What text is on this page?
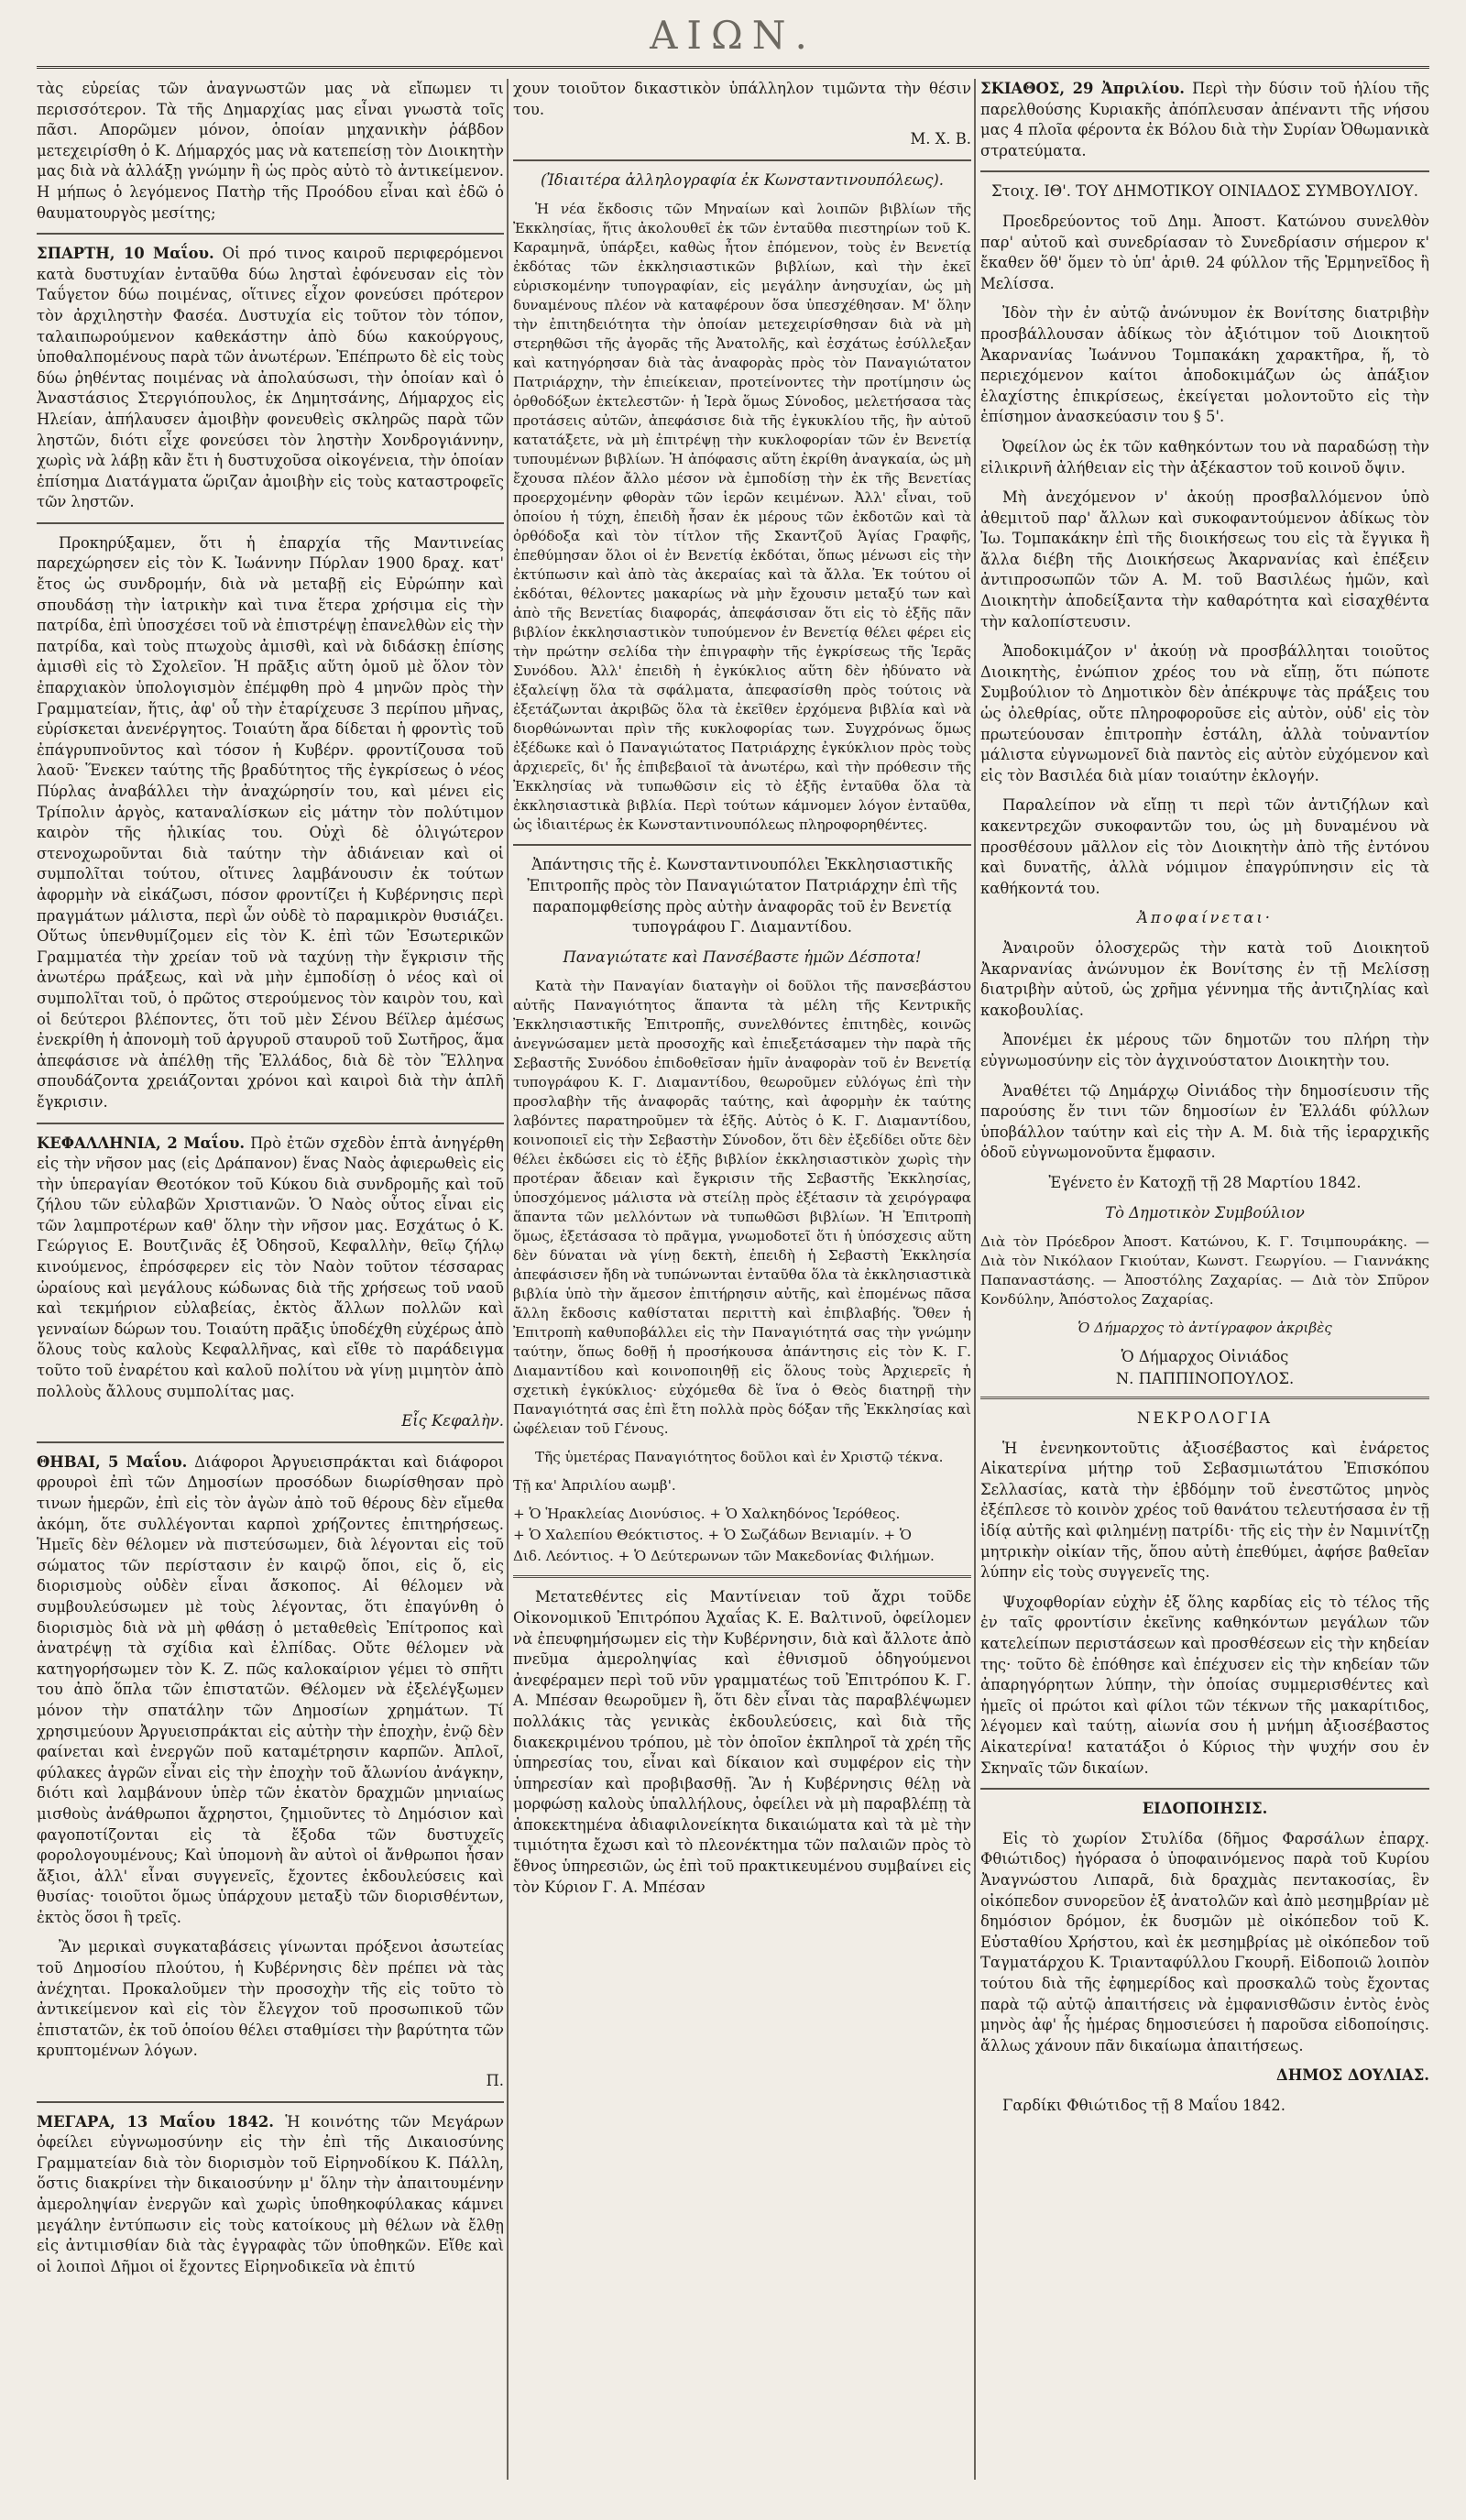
ΑΙΩΝ.

τὰς εὐρείας τῶν ἀναγνωστῶν μας νὰ εἴπωμεν τι περισσότερον. Τὰ τῆς Δημαρχίας μας εἶναι γνωστὰ τοῖς πᾶσι. Απορῶμεν μόνον, ὁποίαν μηχανικὴν ῥάβδον μετεχειρίσθη ὁ Κ. Δήμαρχός μας νὰ κατεπείσῃ τὸν Διοικητὴν μας διὰ νὰ ἀλλάξῃ γνώμην ἢ ὡς πρὸς αὐτὸ τὸ ἀντικείμενον. Η μήπως ὁ λεγόμενος Πατὴρ τῆς Προόδου εἶναι καὶ ἐδῶ ὁ θαυματουργὸς μεσίτης;

ΣΠΑΡΤΗ, 10 Μαΐου. Οἱ πρό τινος καιροῦ περιφερόμενοι κατὰ δυστυχίαν ἐνταῦθα δύω λησταὶ ἐφόνευσαν εἰς τὸν Ταΰγετον δύω ποιμένας, οἵτινες εἶχον φονεύσει πρότερον τὸν ἀρχιληστὴν Φασέα. Δυστυχία εἰς τοῦτον τὸν τόπον, ταλαιπωρούμενον καθεκάστην ἀπὸ δύω κακούργους, ὑποθαλπομένους παρὰ τῶν ἀνωτέρων. Ἐπέπρωτο δὲ εἰς τοὺς δύω ῥηθέντας ποιμένας νὰ ἀπολαύσωσι, τὴν ὁποίαν καὶ ὁ Ἀναστάσιος Στεργιόπουλος, ἐκ Δημητσάνης, Δήμαρχος εἰς Ηλείαν, ἀπήλαυσεν ἀμοιβὴν φονευθεὶς σκληρῶς παρὰ τῶν ληστῶν, διότι εἶχε φονεύσει τὸν ληστὴν Χονδρογιάννην, χωρὶς νὰ λάβῃ κἂν ἔτι ἡ δυστυχοῦσα οἰκογένεια, τὴν ὁποίαν ἐπίσημα Διατάγματα ὥριζαν ἀμοιβὴν εἰς τοὺς καταστροφεῖς τῶν ληστῶν.

Προκηρύξαμεν, ὅτι ἡ ἐπαρχία τῆς Μαντινείας παρεχώρησεν εἰς τὸν Κ. Ἰωάννην Πύρλαν 1900 δραχ. κατ' ἔτος ὡς συνδρομήν, διὰ νὰ μεταβῇ εἰς Εὐρώπην καὶ σπουδάσῃ τὴν ἰατρικὴν καὶ τινα ἕτερα χρήσιμα εἰς τὴν πατρίδα, ἐπὶ ὑποσχέσει τοῦ νὰ ἐπιστρέψῃ ἐπανελθὼν εἰς τὴν πατρίδα, καὶ τοὺς πτωχοὺς ἀμισθὶ, καὶ νὰ διδάσκῃ ἐπίσης ἀμισθὶ εἰς τὸ Σχολεῖον. Ἡ πρᾶξις αὕτη ὁμοῦ μὲ ὅλον τὸν ἐπαρχιακὸν ὑπολογισμὸν ἐπέμφθη πρὸ 4 μηνῶν πρὸς τὴν Γραμματείαν, ἥτις, ἀφ' οὗ τὴν ἐταρίχευσε 3 περίπου μῆνας, εὑρίσκεται ἀνενέργητος. Τοιαύτη ἄρα δίδεται ἡ φροντὶς τοῦ ἐπάγρυπνοῦντος καὶ τόσον ἡ Κυβέρν. φροντίζουσα τοῦ λαοῦ· Ἕνεκεν ταύτης τῆς βραδύτητος τῆς ἐγκρίσεως ὁ νέος Πύρλας ἀναβάλλει τὴν ἀναχώρησίν του, καὶ μένει εἰς Τρίπολιν ἀργὸς, καταναλίσκων εἰς μάτην τὸν πολύτιμον καιρὸν τῆς ἡλικίας του. Οὐχὶ δὲ ὀλιγώτερον στενοχωροῦνται διὰ ταύτην τὴν ἀδιάνειαν καὶ οἱ συμπολῖται τούτου, οἵτινες λαμβάνουσιν ἐκ τούτων ἀφορμὴν νὰ εἰκάζωσι, πόσον φροντίζει ἡ Κυβέρνησις περὶ πραγμάτων μάλιστα, περὶ ὧν οὐδὲ τὸ παραμικρὸν θυσιάζει. Οὕτως ὑπενθυμίζομεν εἰς τὸν Κ. ἐπὶ τῶν Ἐσωτερικῶν Γραμματέα τὴν χρείαν τοῦ νὰ ταχύνῃ τὴν ἔγκρισιν τῆς ἀνωτέρω πράξεως, καὶ νὰ μὴν ἐμποδίσῃ ὁ νέος καὶ οἱ συμπολῖται τοῦ, ὁ πρῶτος στερούμενος τὸν καιρὸν του, καὶ οἱ δεύτεροι βλέποντες, ὅτι τοῦ μὲν Σένου Βέϊλερ ἀμέσως ἐνεκρίθη ἡ ἀπονομὴ τοῦ ἀργυροῦ σταυροῦ τοῦ Σωτῆρος, ἅμα ἀπεφάσισε νὰ ἀπέλθῃ τῆς Ἑλλάδος, διὰ δὲ τὸν Ἕλληνα σπουδάζοντα χρειάζονται χρόνοι καὶ καιροὶ διὰ τὴν ἁπλῆ ἔγκρισιν.

ΚΕΦΑΛΛΗΝΙΑ, 2 Μαΐου. Πρὸ ἐτῶν σχεδὸν ἑπτὰ ἀνηγέρθη εἰς τὴν νῆσον μας (εἰς Δράπανον) ἕνας Ναὸς ἀφιερωθεὶς εἰς τὴν ὑπεραγίαν Θεοτόκον τοῦ Κύκου διὰ συνδρομῆς καὶ τοῦ ζήλου τῶν εὐλαβῶν Χριστιανῶν. Ὁ Ναὸς οὗτος εἶναι εἰς τῶν λαμπροτέρων καθ' ὅλην τὴν νῆσον μας. Εσχάτως ὁ Κ. Γεώργιος Ε. Βουτζινᾶς ἐξ Ὀδησοῦ, Κεφαλλὴν, θεῖῳ ζήλῳ κινούμενος, ἐπρόσφερεν εἰς τὸν Ναὸν τοῦτον τέσσαρας ὡραίους καὶ μεγάλους κώδωνας διὰ τῆς χρήσεως τοῦ ναοῦ καὶ τεκμήριον εὐλαβείας, ἐκτὸς ἄλλων πολλῶν καὶ γενναίων δώρων του. Τοιαύτη πρᾶξις ὑποδέχθη εὐχέρως ἀπὸ ὅλους τοὺς καλοὺς Κεφαλλῆνας, καὶ εἴθε τὸ παράδειγμα τοῦτο τοῦ ἐναρέτου καὶ καλοῦ πολίτου νὰ γίνῃ μιμητὸν ἀπὸ πολλοὺς ἄλλους συμπολίτας μας.

Εἷς Κεφαλὴν.

ΘΗΒΑΙ, 5 Μαΐου. Διάφοροι Ἀργυεισπράκται καὶ διάφοροι φρουροὶ ἐπὶ τῶν Δημοσίων προσόδων διωρίσθησαν πρὸ τινων ἡμερῶν, ἐπὶ εἰς τὸν ἀγὼν ἀπὸ τοῦ θέρους δὲν εἴμεθα ἀκόμη, ὅτε συλλέγονται καρποὶ χρήζοντες ἐπιτηρήσεως. Ἡμεῖς δὲν θέλομεν νὰ πιστεύσωμεν, διὰ λέγονται εἰς τοῦ σώματος τῶν περίστασιν ἐν καιρῷ ὅποι, εἰς ὅ, εἰς διορισμοὺς οὐδὲν εἶναι ἄσκοπος. Αἱ θέλομεν νὰ συμβουλεύσωμεν μὲ τοὺς λέγοντας, ὅτι ἐπαγύνθη ὁ διορισμὸς διὰ νὰ μὴ φθάσῃ ὁ μεταθεθεὶς Ἐπίτροπος καὶ ἀνατρέψῃ τὰ σχίδια καὶ ἐλπίδας. Οὔτε θέλομεν νὰ κατηγορήσωμεν τὸν Κ. Ζ. πῶς καλοκαίριον γέμει τὸ σπῆτι του ἀπὸ ὅπλα τῶν ἐπιστατῶν. Θέλομεν νὰ ἐξελέγξωμεν μόνον τὴν σπατάλην τῶν Δημοσίων χρημάτων. Τί χρησιμεύουν Ἀργυεισπράκται εἰς αὐτὴν τὴν ἐποχὴν, ἐνῷ δὲν φαίνεται καὶ ἐνεργῶν ποῦ καταμέτρησιν καρπῶν. Ἀπλοῖ, φύλακες ἀγρῶν εἶναι εἰς τὴν ἐποχὴν τοῦ ἄλωνίου ἀνάγκην, διότι καὶ λαμβάνουν ὑπὲρ τῶν ἑκατὸν δραχμῶν μηνιαίως μισθοὺς ἀνάθρωποι ἄχρηστοι, ζημιοῦντες τὸ Δημόσιον καὶ φαγοποτίζονται εἰς τὰ ἔξοδα τῶν δυστυχεῖς φορολογουμένους; Καὶ ὑπομονὴ ἂν αὐτοὶ οἱ ἄνθρωποι ἦσαν ἄξιοι, ἀλλ' εἶναι συγγενεῖς, ἔχοντες ἐκδουλεύσεις καὶ θυσίας· τοιοῦτοι ὅμως ὑπάρχουν μεταξὺ τῶν διορισθέντων, ἐκτὸς ὅσοι ἢ τρεῖς.

Ἂν μερικαὶ συγκαταβάσεις γίνωνται πρόξενοι ἀσωτείας τοῦ Δημοσίου πλούτου, ἡ Κυβέρνησις δὲν πρέπει νὰ τὰς ἀνέχηται. Προκαλοῦμεν τὴν προσοχὴν τῆς εἰς τοῦτο τὸ ἀντικείμενον καὶ εἰς τὸν ἔλεγχον τοῦ προσωπικοῦ τῶν ἐπιστατῶν, ἐκ τοῦ ὁποίου θέλει σταθμίσει τὴν βαρύτητα τῶν κρυπτομένων λόγων.

Π.

ΜΕΓΑΡΑ, 13 Μαΐου 1842. Ἡ κοινότης τῶν Μεγάρων ὀφείλει εὐγνωμοσύνην εἰς τὴν ἐπὶ τῆς Δικαιοσύνης Γραμματείαν διὰ τὸν διορισμὸν τοῦ Εἰρηνοδίκου Κ. Πάλλη, ὅστις διακρίνει τὴν δικαιοσύνην μ' ὅλην τὴν ἀπαιτουμένην ἀμεροληψίαν ἐνεργῶν καὶ χωρὶς ὑποθηκοφύλακας κάμνει μεγάλην ἐντύπωσιν εἰς τοὺς κατοίκους μὴ θέλων νὰ ἔλθῃ εἰς ἀντιμισθίαν διὰ τὰς ἐγγραφὰς τῶν ὑποθηκῶν. Εἴθε καὶ οἱ λοιποὶ Δῆμοι οἱ ἔχοντες Εἰρηνοδικεῖα νὰ ἐπιτύ

χουν τοιοῦτον δικαστικὸν ὑπάλληλον τιμῶντα τὴν θέσιν του.

Μ. Χ. Β.

(Ἰδιαιτέρα ἀλληλογραφία ἐκ Κωνσταντινουπόλεως).

Ἡ νέα ἔκδοσις τῶν Μηναίων καὶ λοιπῶν βιβλίων τῆς Ἐκκλησίας, ἥτις ἀκολουθεῖ ἐκ τῶν ἐνταῦθα πιεστηρίων τοῦ Κ. Καραμηνᾶ, ὑπάρξει, καθὼς ἦτον ἐπόμενον, τοὺς ἐν Βενετίᾳ ἐκδότας τῶν ἐκκλησιαστικῶν βιβλίων, καὶ τὴν ἐκεῖ εὑρισκομένην τυπογραφίαν, εἰς μεγάλην ἀνησυχίαν, ὡς μὴ δυναμένους πλέον νὰ καταφέρουν ὅσα ὑπεσχέθησαν. Μ' ὅλην τὴν ἐπιτηδειότητα τὴν ὁποίαν μετεχειρίσθησαν διὰ νὰ μὴ στερηθῶσι τῆς ἀγορᾶς τῆς Ἀνατολῆς, καὶ ἐσχάτως ἐσύλλεξαν καὶ κατηγόρησαν διὰ τὰς ἀναφορὰς πρὸς τὸν Παναγιώτατον Πατριάρχην, τὴν ἐπιείκειαν, προτείνοντες τὴν προτίμησιν ὡς ὀρθοδόξων ἐκτελεστῶν· ἡ Ἱερὰ ὅμως Σύνοδος, μελετήσασα τὰς προτάσεις αὐτῶν, ἀπεφάσισε διὰ τῆς ἐγκυκλίου τῆς, ἣν αὐτοῦ κατατάξετε, νὰ μὴ ἐπιτρέψῃ τὴν κυκλοφορίαν τῶν ἐν Βενετίᾳ τυπουμένων βιβλίων. Ἡ ἀπόφασις αὕτη ἐκρίθη ἀναγκαία, ὡς μὴ ἔχουσα πλέον ἄλλο μέσον νὰ ἐμποδίσῃ τὴν ἐκ τῆς Βενετίας προερχομένην φθορὰν τῶν ἱερῶν κειμένων. Ἀλλ' εἶναι, τοῦ ὁποίου ἡ τύχη, ἐπειδὴ ἦσαν ἐκ μέρους τῶν ἐκδοτῶν καὶ τὰ ὀρθόδοξα καὶ τὸν τίτλον τῆς Σκαντζοῦ Ἁγίας Γραφῆς, ἐπεθύμησαν ὅλοι οἱ ἐν Βενετίᾳ ἐκδόται, ὅπως μένωσι εἰς τὴν ἐκτύπωσιν καὶ ἀπὸ τὰς ἀκεραίας καὶ τὰ ἄλλα. Ἐκ τούτου οἱ ἐκδόται, θέλοντες μακαρίως νὰ μὴν ἔχουσιν μεταξύ των καὶ ἀπὸ τῆς Βενετίας διαφοράς, ἀπεφάσισαν ὅτι εἰς τὸ ἑξῆς πᾶν βιβλίον ἐκκλησιαστικὸν τυπούμενον ἐν Βενετίᾳ θέλει φέρει εἰς τὴν πρώτην σελίδα τὴν ἐπιγραφὴν τῆς ἐγκρίσεως τῆς Ἱερᾶς Συνόδου. Ἀλλ' ἐπειδὴ ἡ ἐγκύκλιος αὕτη δὲν ἠδύνατο νὰ ἐξαλείψῃ ὅλα τὰ σφάλματα, ἀπεφασίσθη πρὸς τούτοις νὰ ἐξετάζωνται ἀκριβῶς ὅλα τὰ ἐκεῖθεν ἐρχόμενα βιβλία καὶ νὰ διορθώνωνται πρὶν τῆς κυκλοφορίας των. Συγχρόνως ὅμως ἐξέδωκε καὶ ὁ Παναγιώτατος Πατριάρχης ἐγκύκλιον πρὸς τοὺς ἀρχιερεῖς, δι' ἧς ἐπιβεβαιοῖ τὰ ἀνωτέρω, καὶ τὴν πρόθεσιν τῆς Ἐκκλησίας νὰ τυπωθῶσιν εἰς τὸ ἑξῆς ἐνταῦθα ὅλα τὰ ἐκκλησιαστικὰ βιβλία. Περὶ τούτων κάμνομεν λόγον ἐνταῦθα, ὡς ἰδιαιτέρως ἐκ Κωνσταντινουπόλεως πληροφορηθέντες.

Ἀπάντησις τῆς ἐ. Κωνσταντινουπόλει Ἐκκλησιαστικῆς Ἐπιτροπῆς πρὸς τὸν Παναγιώτατον Πατριάρχην ἐπὶ τῆς παραπομφθείσης πρὸς αὐτὴν ἀναφορᾶς τοῦ ἐν Βενετίᾳ τυπογράφου Γ. Διαμαντίδου.

Παναγιώτατε καὶ Πανσέβαστε ἡμῶν Δέσποτα!

Κατὰ τὴν Παναγίαν διαταγὴν οἱ δοῦλοι τῆς πανσεβάστου αὐτῆς Παναγιότητος ἅπαντα τὰ μέλη τῆς Κεντρικῆς Ἐκκλησιαστικῆς Ἐπιτροπῆς, συνελθόντες ἐπιτηδὲς, κοινῶς ἀνεγνώσαμεν μετὰ προσοχῆς καὶ ἐπιεξετάσαμεν τὴν παρὰ τῆς Σεβαστῆς Συνόδου ἐπιδοθεῖσαν ἡμῖν ἀναφορὰν τοῦ ἐν Βενετίᾳ τυπογράφου Κ. Γ. Διαμαντίδου, θεωροῦμεν εὐλόγως ἐπὶ τὴν προσλαβὴν τῆς ἀναφορᾶς ταύτης, καὶ ἀφορμὴν ἐκ ταύτης λαβόντες παρατηροῦμεν τὰ ἑξῆς. Αὐτὸς ὁ Κ. Γ. Διαμαντίδου, κοινοποιεῖ εἰς τὴν Σεβαστὴν Σύνοδον, ὅτι δὲν ἐξεδίδει οὔτε δὲν θέλει ἐκδώσει εἰς τὸ ἑξῆς βιβλίον ἐκκλησιαστικὸν χωρὶς τὴν προτέραν ἄδειαν καὶ ἔγκρισιν τῆς Σεβαστῆς Ἐκκλησίας, ὑποσχόμενος μάλιστα νὰ στείλῃ πρὸς ἐξέτασιν τὰ χειρόγραφα ἅπαντα τῶν μελλόντων νὰ τυπωθῶσι βιβλίων. Ἡ Ἐπιτροπὴ ὅμως, ἐξετάσασα τὸ πρᾶγμα, γνωμοδοτεῖ ὅτι ἡ ὑπόσχεσις αὕτη δὲν δύναται νὰ γίνῃ δεκτὴ, ἐπειδὴ ἡ Σεβαστὴ Ἐκκλησία ἀπεφάσισεν ἤδη νὰ τυπώνωνται ἐνταῦθα ὅλα τὰ ἐκκλησιαστικὰ βιβλία ὑπὸ τὴν ἄμεσον ἐπιτήρησιν αὐτῆς, καὶ ἐπομένως πᾶσα ἄλλη ἔκδοσις καθίσταται περιττὴ καὶ ἐπιβλαβής. Ὅθεν ἡ Ἐπιτροπὴ καθυποβάλλει εἰς τὴν Παναγιότητά σας τὴν γνώμην ταύτην, ὅπως δοθῇ ἡ προσήκουσα ἀπάντησις εἰς τὸν Κ. Γ. Διαμαντίδου καὶ κοινοποιηθῇ εἰς ὅλους τοὺς Ἀρχιερεῖς ἡ σχετικὴ ἐγκύκλιος· εὐχόμεθα δὲ ἵνα ὁ Θεὸς διατηρῇ τὴν Παναγιότητά σας ἐπὶ ἔτη πολλὰ πρὸς δόξαν τῆς Ἐκκλησίας καὶ ὠφέλειαν τοῦ Γένους.

Τῆς ὑμετέρας Παναγιότητος δοῦλοι καὶ ἐν Χριστῷ τέκνα.

Τῇ κα' Ἀπριλίου αωμβ'.

+ Ὁ Ἡρακλείας Διονύσιος. + Ὁ Χαλκηδόνος Ἱερόθεος.

+ Ὁ Χαλεπίου Θεόκτιστος. + Ὁ Σωζάδων Βενιαμίν. + Ὁ

Διδ. Λεόντιος. + Ὁ Δεύτερωνων τῶν Μακεδονίας Φιλήμων.

Μετατεθέντες εἰς Μαντίνειαν τοῦ ἄχρι τοῦδε Οἰκονομικοῦ Ἐπιτρόπου Ἀχαΐας Κ. Ε. Βαλτινοῦ, ὀφείλομεν νὰ ἐπευφημήσωμεν εἰς τὴν Κυβέρνησιν, διὰ καὶ ἄλλοτε ἀπὸ πνεῦμα ἀμεροληψίας καὶ ἐθνισμοῦ ὁδηγούμενοι ἀνεφέραμεν περὶ τοῦ νῦν γραμματέως τοῦ Ἐπιτρόπου Κ. Γ. Α. Μπέσαν θεωροῦμεν ἢ, ὅτι δὲν εἶναι τὰς παραβλέψωμεν πολλάκις τὰς γενικὰς ἐκδουλεύσεις, καὶ διὰ τῆς διακεκριμένου τρόπου, μὲ τὸν ὁποῖον ἐκπληροῖ τὰ χρέη τῆς ὑπηρεσίας του, εἶναι καὶ δίκαιον καὶ συμφέρον εἰς τὴν ὑπηρεσίαν καὶ προβιβασθῇ. Ἂν ἡ Κυβέρνησις θέλῃ νὰ μορφώσῃ καλοὺς ὑπαλλήλους, ὀφείλει νὰ μὴ παραβλέπῃ τὰ ἀποκεκτημένα ἀδιαφιλονείκητα δικαιώματα καὶ τὰ μὲ τὴν τιμιότητα ἔχωσι καὶ τὸ πλεονέκτημα τῶν παλαιῶν πρὸς τὸ ἔθνος ὑπηρεσιῶν, ὡς ἐπὶ τοῦ πρακτικευμένου συμβαίνει εἰς τὸν Κύριον Γ. Α. Μπέσαν

ΣΚΙΑΘΟΣ, 29 Ἀπριλίου. Περὶ τὴν δύσιν τοῦ ἡλίου τῆς παρελθούσης Κυριακῆς ἀπόπλευσαν ἀπέναντι τῆς νήσου μας 4 πλοῖα φέροντα ἐκ Βόλου διὰ τὴν Συρίαν Ὀθωμανικὰ στρατεύματα.

Στοιχ. ΙΘ'. ΤΟΥ ΔΗΜΟΤΙΚΟΥ ΟΙΝΙΑΔΟΣ ΣΥΜΒΟΥΛΙΟΥ.

Προεδρεύοντος τοῦ Δημ. Ἀποστ. Κατώνου συνελθὸν παρ' αὐτοῦ καὶ συνεδρίασαν τὸ Συνεδρίασιν σήμερον κ' ἔκαθεν ὅθ' ὅμεν τὸ ὑπ' ἀριθ. 24 φύλλον τῆς Ἑρμηνεῖδος ἢ Μελίσσα.

Ἰδὸν τὴν ἐν αὐτῷ ἀνώνυμον ἐκ Βονίτσης διατριβὴν προσβάλλουσαν ἀδίκως τὸν ἀξιότιμον τοῦ Διοικητοῦ Ἀκαρνανίας Ἰωάννου Τομπακάκη χαρακτῆρα, ἥ, τὸ περιεχόμενον καίτοι ἀποδοκιμάζων ὡς ἀπάξιον ἐλαχίστης ἐπικρίσεως, ἐκείγεται μολοντοῦτο εἰς τὴν ἐπίσημον ἀνασκεύασιν του § 5'.

Ὀφείλον ὡς ἐκ τῶν καθηκόντων του νὰ παραδώσῃ τὴν εἰλικρινῆ ἀλήθειαν εἰς τὴν ἀξέκαστον τοῦ κοινοῦ ὄψιν.

Μὴ ἀνεχόμενον ν' ἀκούῃ προσβαλλόμενον ὑπὸ ἀθεμιτοῦ παρ' ἄλλων καὶ συκοφαντούμενον ἀδίκως τὸν Ἰω. Τομπακάκην ἐπὶ τῆς διοικήσεως του εἰς τὰ ἔγγικα ἢ ἄλλα διέβη τῆς Διοικήσεως Ἀκαρνανίας καὶ ἐπέξειν ἀντιπροσωπῶν τῶν Α. Μ. τοῦ Βασιλέως ἡμῶν, καὶ Διοικητὴν ἀποδείξαντα τὴν καθαρότητα καὶ εἰσαχθέντα τὴν καλοπίστευσιν.

Ἀποδοκιμάζον ν' ἀκούῃ νὰ προσβάλληται τοιοῦτος Διοικητὴς, ἐνώπιον χρέος του νὰ εἴπῃ, ὅτι πώποτε Συμβούλιον τὸ Δημοτικὸν δὲν ἀπέκρυψε τὰς πράξεις του ὡς ὀλεθρίας, οὔτε πληροφοροῦσε εἰς αὐτὸν, οὐδ' εἰς τὸν πρωτεύουσαν ἐπιτροπὴν ἐστάλη, ἀλλὰ τοὐναντίον μάλιστα εὐγνωμονεῖ διὰ παντὸς εἰς αὐτὸν εὐχόμενον καὶ εἰς τὸν Βασιλέα διὰ μίαν τοιαύτην ἐκλογήν.

Παραλείπον νὰ εἴπῃ τι περὶ τῶν ἀντιζήλων καὶ κακεντρεχῶν συκοφαντῶν του, ὡς μὴ δυναμένου νὰ προσθέσουν μᾶλλον εἰς τὸν Διοικητὴν ἀπὸ τῆς ἐντόνου καὶ δυνατῆς, ἀλλὰ νόμιμον ἐπαγρύπνησιν εἰς τὰ καθήκοντά του.

Ἀποφαίνεται·

Ἀναιροῦν ὁλοσχερῶς τὴν κατὰ τοῦ Διοικητοῦ Ἀκαρνανίας ἀνώνυμον ἐκ Βονίτσης ἐν τῇ Μελίσσῃ διατριβὴν αὐτοῦ, ὡς χρῆμα γέννημα τῆς ἀντιζηλίας καὶ κακοβουλίας.

Ἀπονέμει ἐκ μέρους τῶν δημοτῶν του πλήρη τὴν εὐγνωμοσύνην εἰς τὸν ἀγχινούστατον Διοικητὴν του.

Ἀναθέτει τῷ Δημάρχῳ Οἰνιάδος τὴν δημοσίευσιν τῆς παρούσης ἔν τινι τῶν δημοσίων ἐν Ἑλλάδι φύλλων ὑποβάλλον ταύτην καὶ εἰς τὴν Α. Μ. διὰ τῆς ἱεραρχικῆς ὁδοῦ εὐγνωμονοῦντα ἔμφασιν.

Ἐγένετο ἐν Κατοχῇ τῇ 28 Μαρτίου 1842.

Τὸ Δημοτικὸν Συμβούλιον

Διὰ τὸν Πρόεδρον Ἀποστ. Κατώνου, Κ. Γ. Τσιμπουράκης. — Διὰ τὸν Νικόλαον Γκιούταν, Κωνστ. Γεωργίου. — Γιαννάκης Παπαναστάσης. — Ἀποστόλης Ζαχαρίας. — Διὰ τὸν Σπῦρον Κονδύλην, Ἀπόστολος Ζαχαρίας.

Ὁ Δήμαρχος τὸ ἀντίγραφον ἀκριβὲς

Ὁ Δήμαρχος Οἰνιάδος
Ν. ΠΑΠΠΙΝΟΠΟΥΛΟΣ.

ΝΕΚΡΟΛΟΓΙΑ

Ἡ ἐνενηκοντοῦτις ἀξιοσέβαστος καὶ ἐνάρετος Αἰκατερίνα μήτηρ τοῦ Σεβασμιωτάτου Ἐπισκόπου Σελλασίας, κατὰ τὴν ἑβδόμην τοῦ ἐνεστῶτος μηνὸς ἐξέπλεσε τὸ κοινὸν χρέος τοῦ θανάτου τελευτήσασα ἐν τῇ ἰδίᾳ αὐτῆς καὶ φιλημένῃ πατρίδι· τῆς εἰς τὴν ἐν Ναμινίτζῃ μητρικὴν οἰκίαν τῆς, ὅπου αὐτὴ ἐπεθύμει, ἀφήσε βαθεῖαν λύπην εἰς τοὺς συγγενεῖς της.

Ψυχοφθορίαν εὐχὴν ἐξ ὅλης καρδίας εἰς τὸ τέλος τῆς ἐν ταῖς φροντίσιν ἐκεῖνης καθηκόντων μεγάλων τῶν κατελείπων περιστάσεων καὶ προσθέσεων εἰς τὴν κηδείαν της· τοῦτο δὲ ἐπόθησε καὶ ἐπέχυσεν εἰς τὴν κηδείαν τῶν ἀπαρηγόρητων λύπην, τὴν ὁποίας συμμερισθέντες καὶ ἡμεῖς οἱ πρώτοι καὶ φίλοι τῶν τέκνων τῆς μακαρίτιδος, λέγομεν καὶ ταύτῃ, αἰωνία σου ἡ μνήμη ἀξιοσέβαστος Αἰκατερίνα! κατατάξοι ὁ Κύριος τὴν ψυχήν σου ἐν Σκηναῖς τῶν δικαίων.

ΕΙΔΟΠΟΙΗΣΙΣ.

Εἰς τὸ χωρίον Στυλίδα (δῆμος Φαρσάλων ἐπαρχ. Φθιώτιδος) ἠγόρασα ὁ ὑποφαινόμενος παρὰ τοῦ Κυρίου Ἀναγνώστου Λιπαρᾶ, διὰ δραχμὰς πεντακοσίας, ἓν οἰκόπεδον συνορεῦον ἐξ ἀνατολῶν καὶ ἀπὸ μεσημβρίαν μὲ δημόσιον δρόμον, ἐκ δυσμῶν μὲ οἰκόπεδον τοῦ Κ. Εὐσταθίου Χρήστου, καὶ ἐκ μεσημβρίας μὲ οἰκόπεδον τοῦ Ταγματάρχου Κ. Τριανταφύλλου Γκουρῆ. Εἰδοποιῶ λοιπὸν τούτου διὰ τῆς ἐφημερίδος καὶ προσκαλῶ τοὺς ἔχοντας παρὰ τῷ αὐτῷ ἀπαιτήσεις νὰ ἐμφανισθῶσιν ἐντὸς ἑνὸς μηνὸς ἀφ' ἧς ἡμέρας δημοσιεύσει ἡ παροῦσα εἰδοποίησις. ἄλλως χάνουν πᾶν δικαίωμα ἀπαιτήσεως.

ΔΗΜΟΣ ΔΟΥΛΙΑΣ.

Γαρδίκι Φθιώτιδος τῇ 8 Μαΐου 1842.
